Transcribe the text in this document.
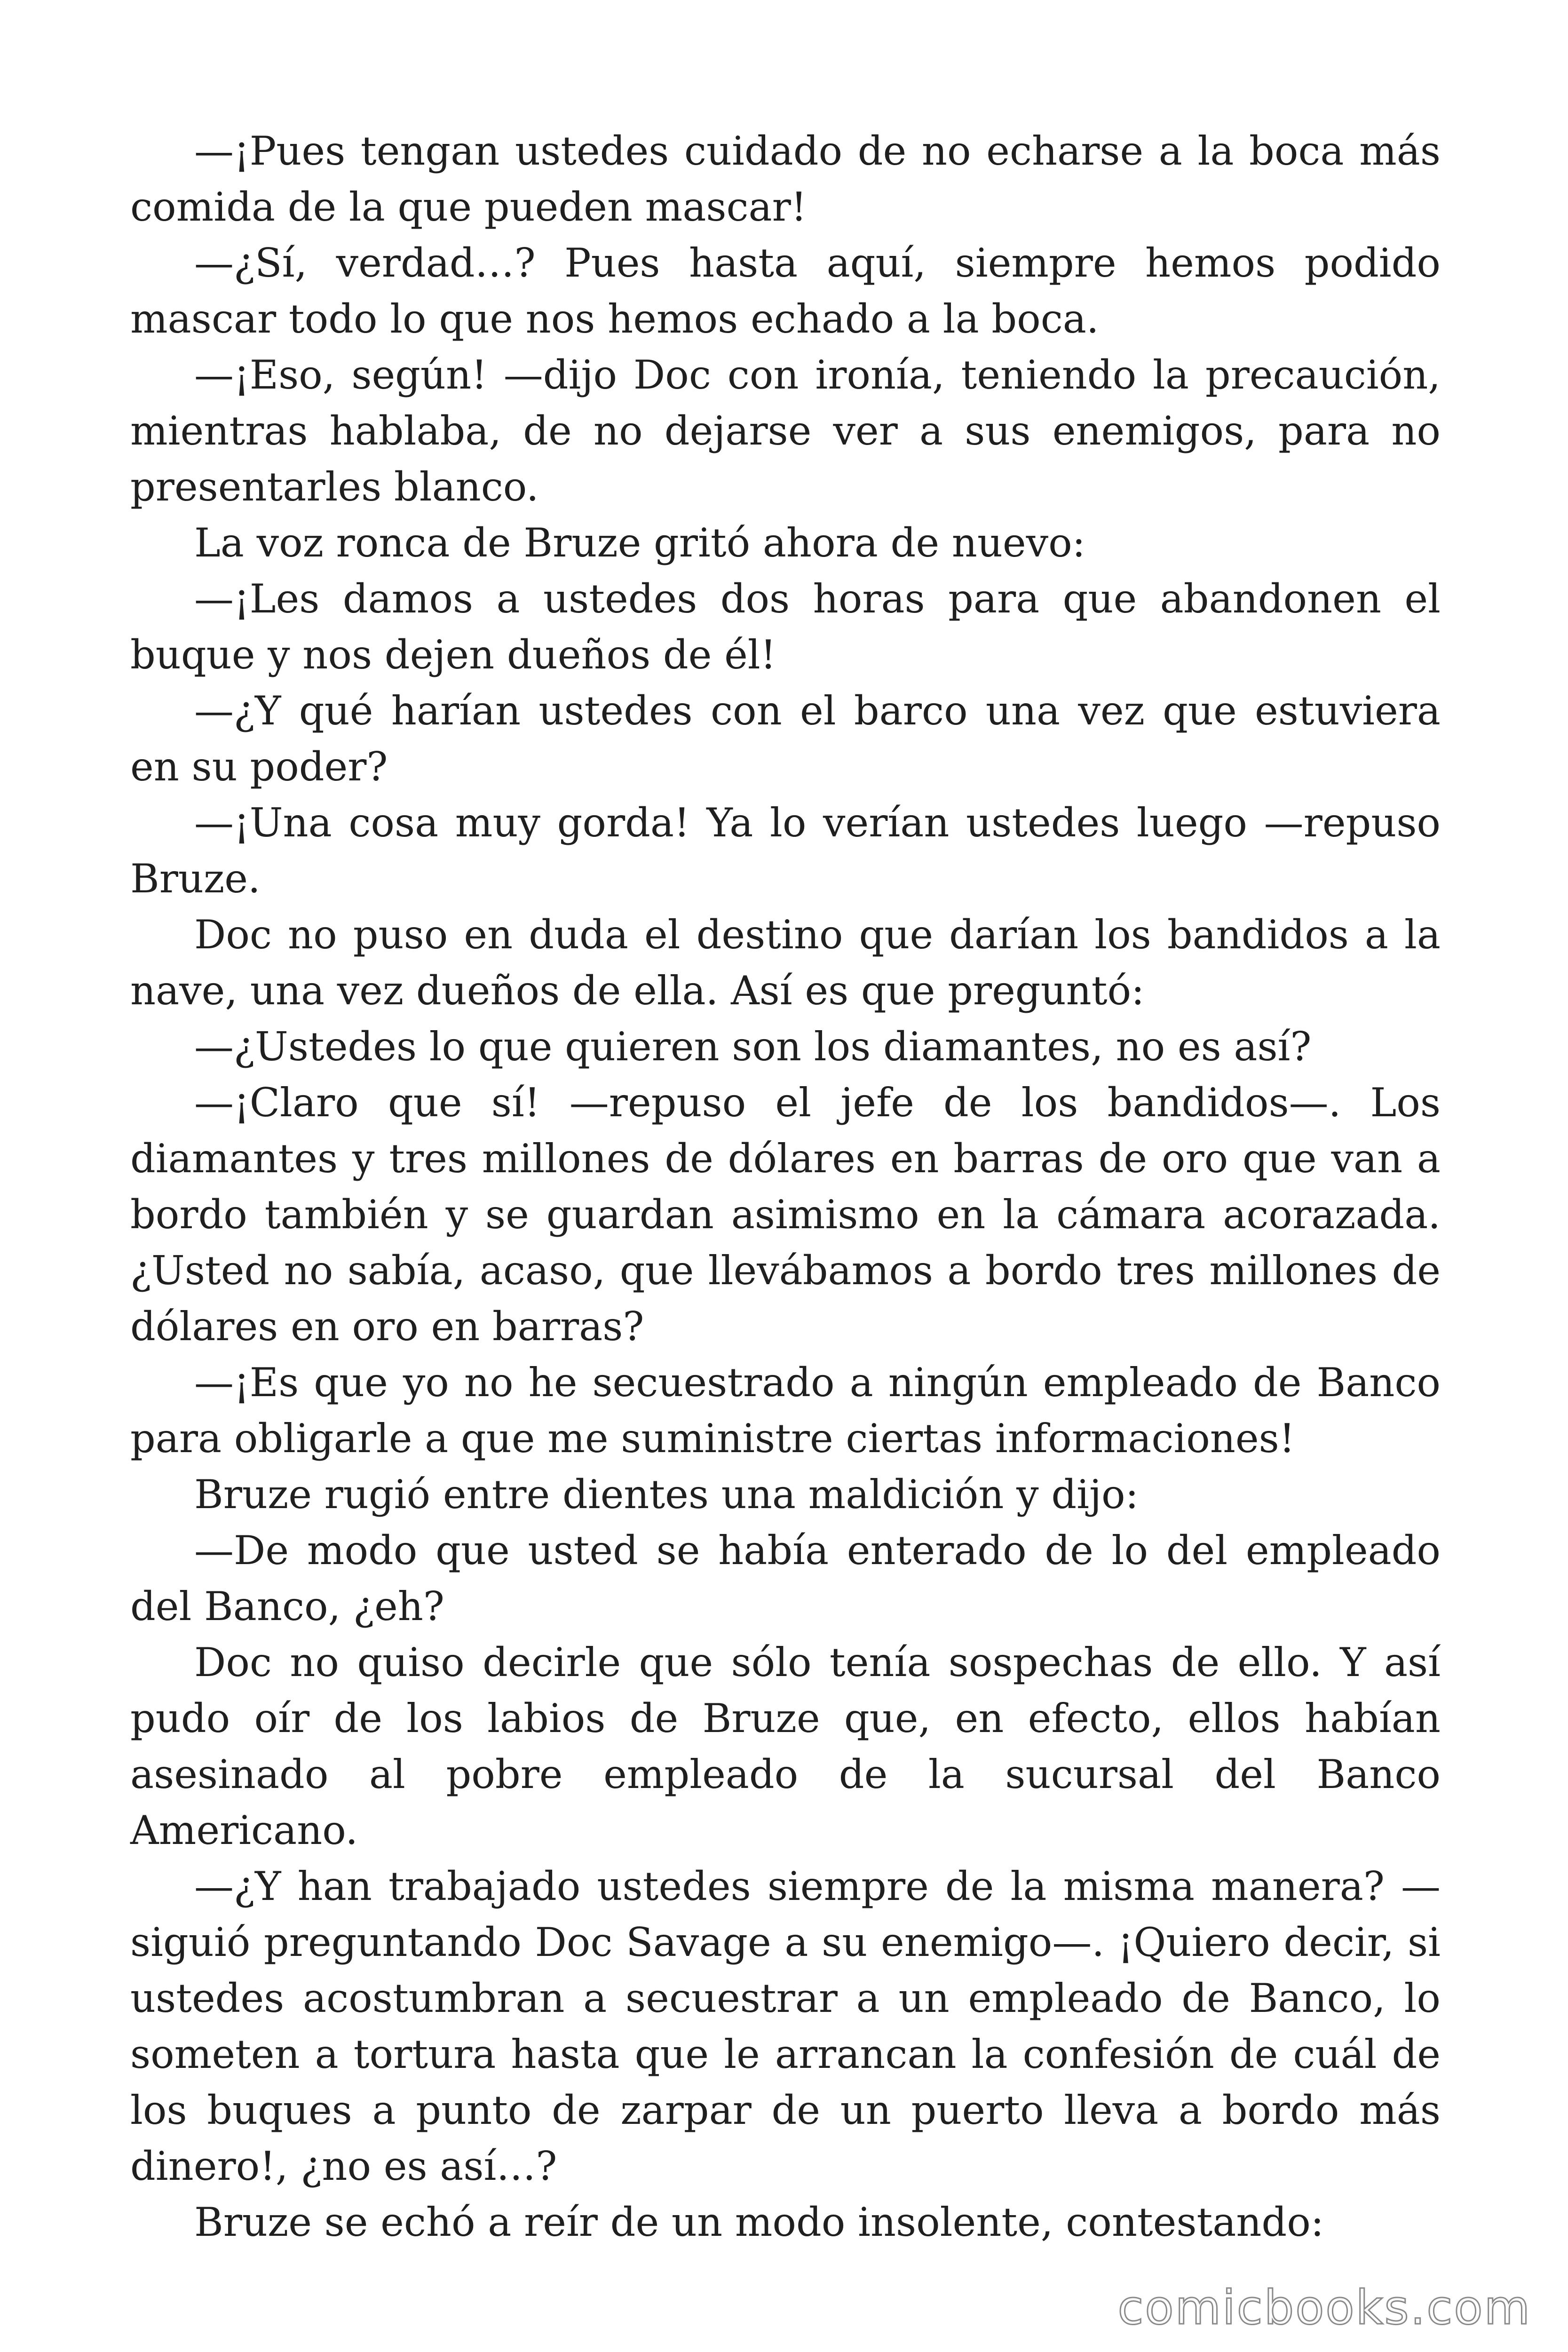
—¡Pues tengan ustedes cuidado de no echarse a la boca más comida de la que pueden mascar!

—¿Sí, verdad…? Pues hasta aquí, siempre hemos podido mascar todo lo que nos hemos echado a la boca.

—¡Eso, según! —dijo Doc con ironía, teniendo la precaución, mientras hablaba, de no dejarse ver a sus enemigos, para no presentarles blanco.

La voz ronca de Bruze gritó ahora de nuevo:

—¡Les damos a ustedes dos horas para que abandonen el buque y nos dejen dueños de él!

—¿Y qué harían ustedes con el barco una vez que estuviera en su poder?

—¡Una cosa muy gorda! Ya lo verían ustedes luego —repuso Bruze.

Doc no puso en duda el destino que darían los bandidos a la nave, una vez dueños de ella. Así es que preguntó:

—¿Ustedes lo que quieren son los diamantes, no es así?

—¡Claro que sí! —repuso el jefe de los bandidos—. Los diamantes y tres millones de dólares en barras de oro que van a bordo también y se guardan asimismo en la cámara acorazada. ¿Usted no sabía, acaso, que llevábamos a bordo tres millones de dólares en oro en barras?

—¡Es que yo no he secuestrado a ningún empleado de Banco para obligarle a que me suministre ciertas informaciones!

Bruze rugió entre dientes una maldición y dijo:

—De modo que usted se había enterado de lo del empleado del Banco, ¿eh?

Doc no quiso decirle que sólo tenía sospechas de ello. Y así pudo oír de los labios de Bruze que, en efecto, ellos habían asesinado al pobre empleado de la sucursal del Banco Americano.

—¿Y han trabajado ustedes siempre de la misma manera? —siguió preguntando Doc Savage a su enemigo—. ¡Quiero decir, si ustedes acostumbran a secuestrar a un empleado de Banco, lo someten a tortura hasta que le arrancan la confesión de cuál de los buques a punto de zarpar de un puerto lleva a bordo más dinero!, ¿no es así…?

Bruze se echó a reír de un modo insolente, contestando:

comicbooks.com
